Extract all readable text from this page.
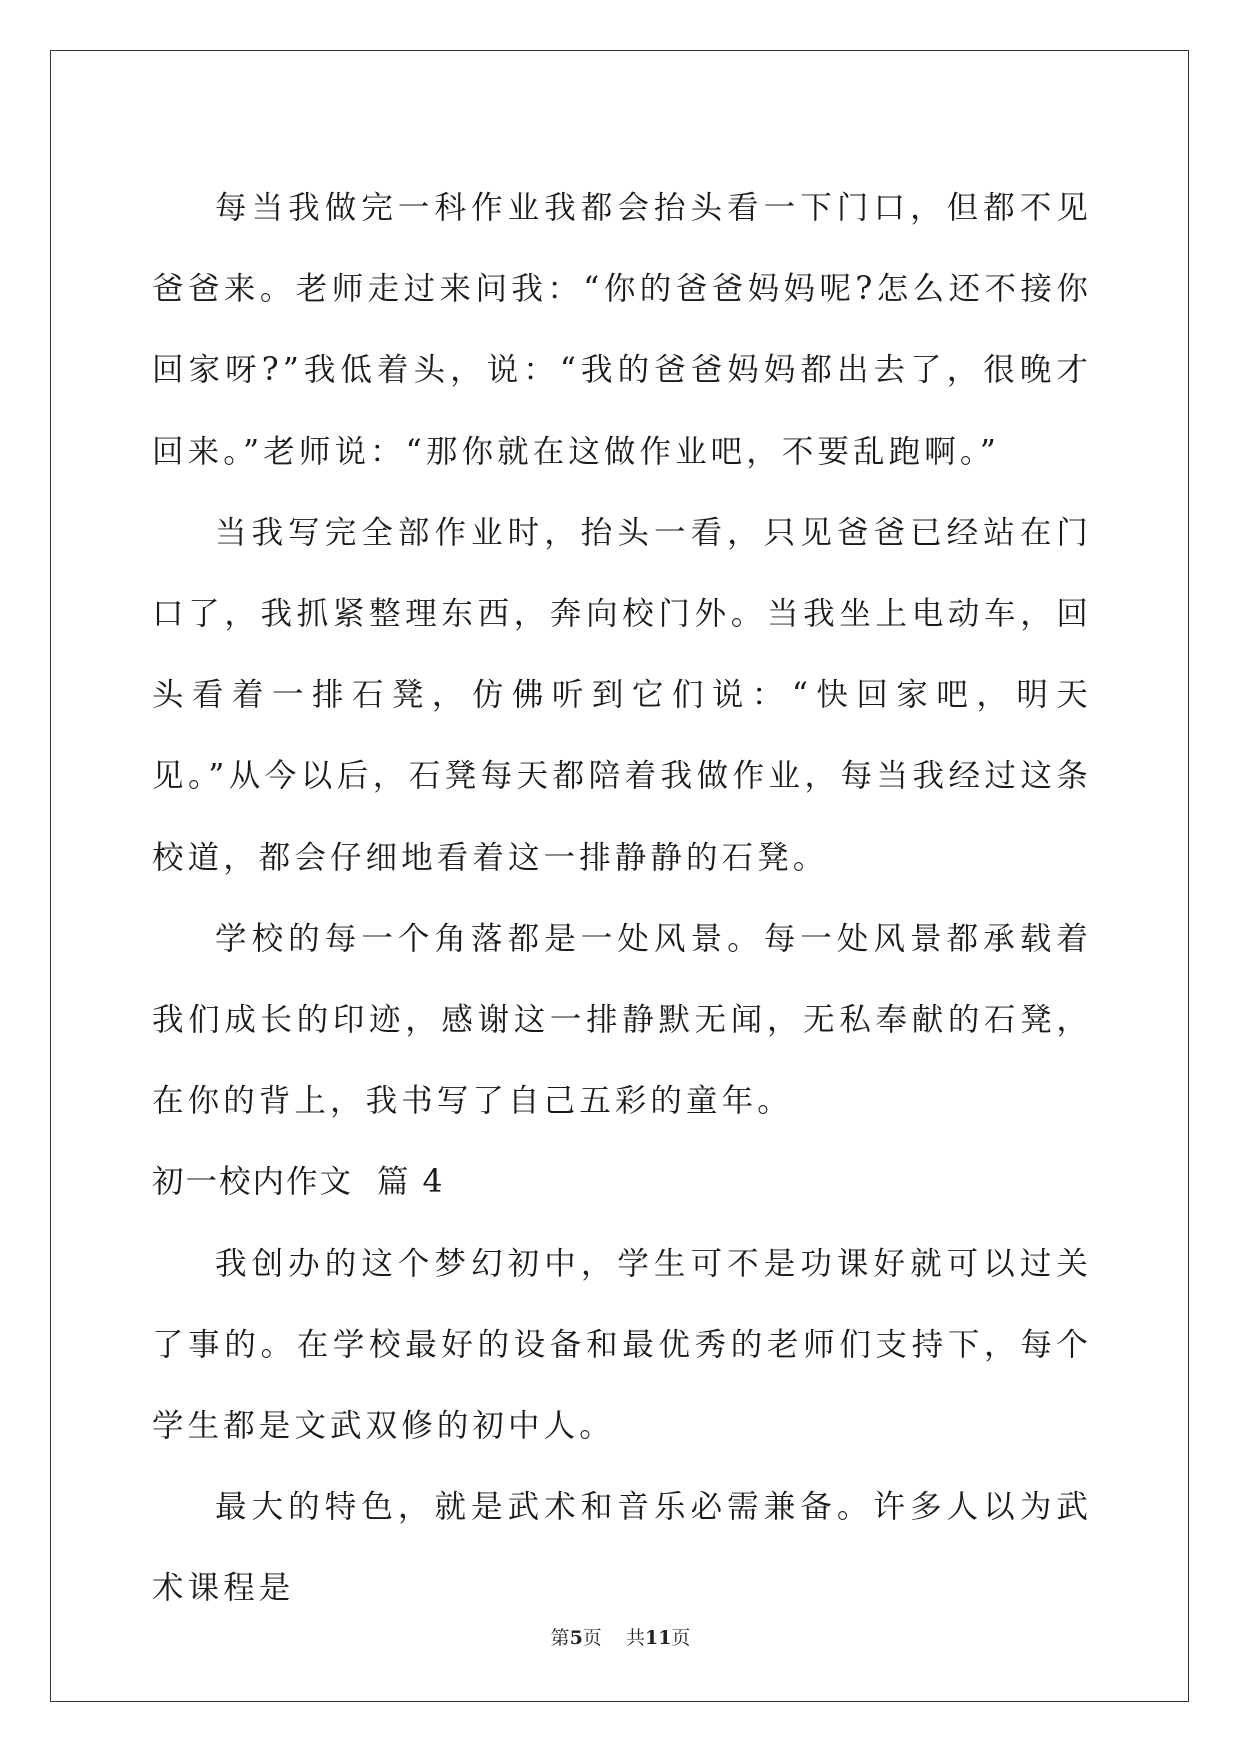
每当我做完一科作业我都会抬头看一下门口，但都不见爸爸来。老师走过来问我：“你的爸爸妈妈呢?怎么还不接你回家呀?”我低着头，说：“我的爸爸妈妈都出去了，很晚才回来。”老师说：“那你就在这做作业吧，不要乱跑啊。”

当我写完全部作业时，抬头一看，只见爸爸已经站在门口了，我抓紧整理东西，奔向校门外。当我坐上电动车，回头看着一排石凳，仿佛听到它们说：“快回家吧，明天见。”从今以后，石凳每天都陪着我做作业，每当我经过这条校道，都会仔细地看着这一排静静的石凳。

学校的每一个角落都是一处风景。每一处风景都承载着我们成长的印迹，感谢这一排静默无闻，无私奉献的石凳，在你的背上，我书写了自己五彩的童年。

初一校内作文  篇 4

我创办的这个梦幻初中，学生可不是功课好就可以过关了事的。在学校最好的设备和最优秀的老师们支持下，每个学生都是文武双修的初中人。

最大的特色，就是武术和音乐必需兼备。许多人以为武术课程是

第5页    共11页
